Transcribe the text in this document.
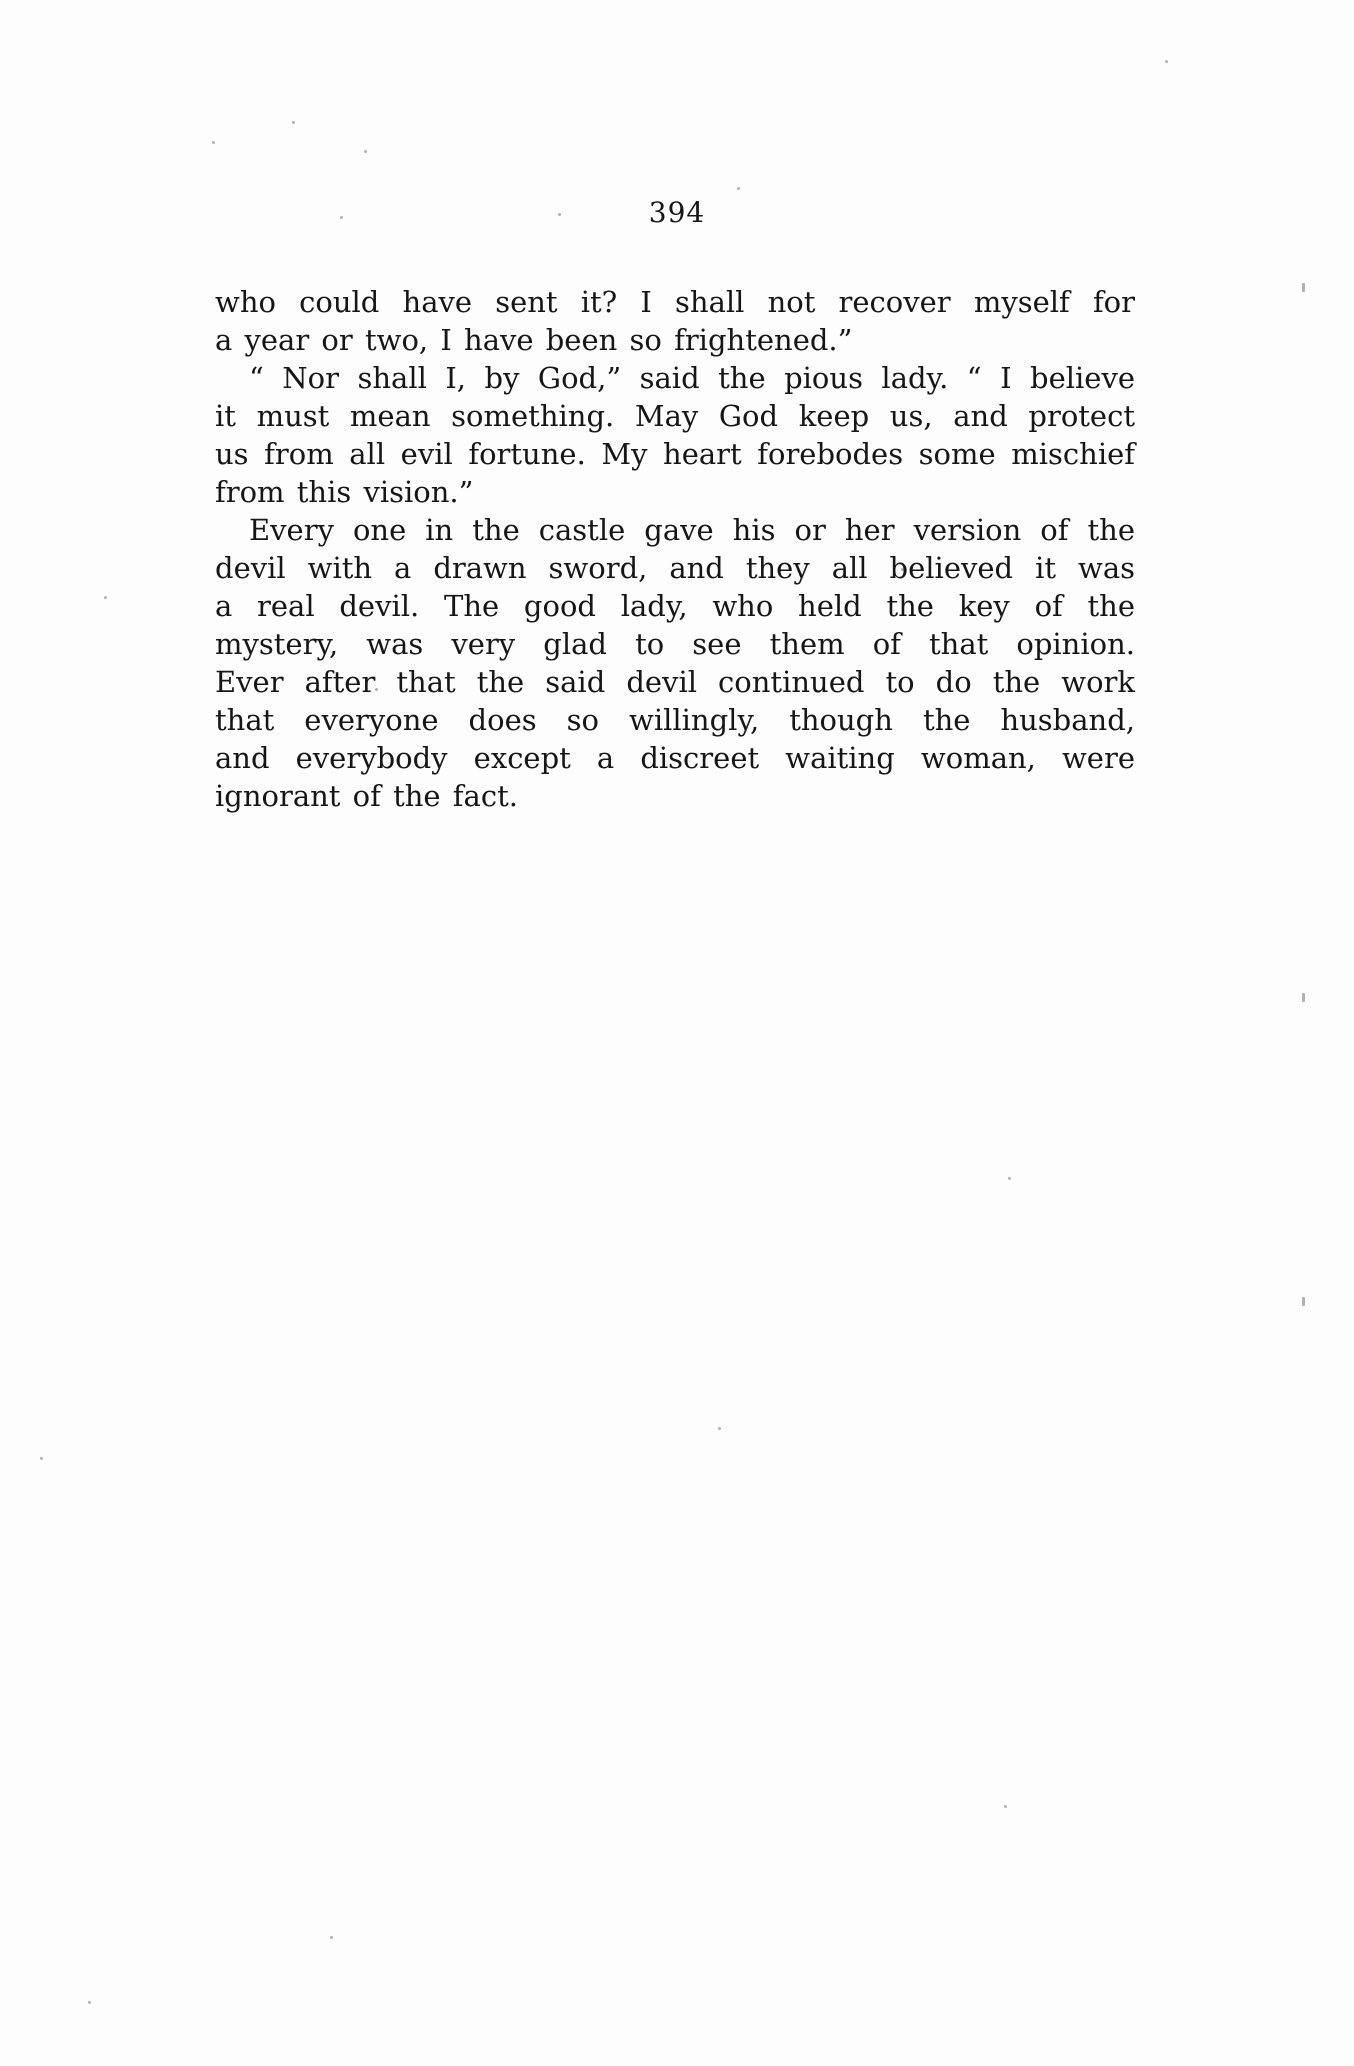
394
who could have sent it? I shall not recover myself for
a year or two, I have been so frightened.”
“ Nor shall I, by God,” said the pious lady. “ I believe
it must mean something. May God keep us, and protect
us from all evil fortune. My heart forebodes some mischief
from this vision.”
Every one in the castle gave his or her version of the
devil with a drawn sword, and they all believed it was
a real devil. The good lady, who held the key of the
mystery, was very glad to see them of that opinion.
Ever after that the said devil continued to do the work
that everyone does so willingly, though the husband,
and everybody except a discreet waiting woman, were
ignorant of the fact.
